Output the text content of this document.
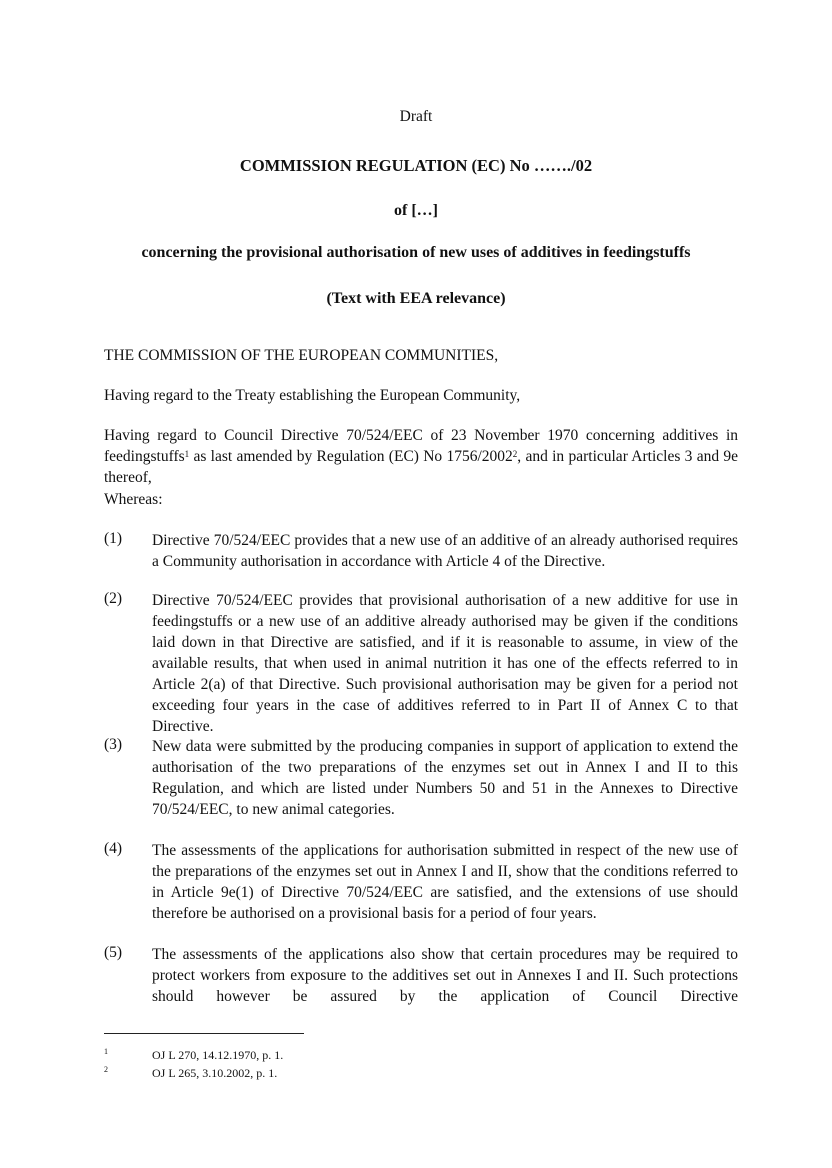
Draft
COMMISSION REGULATION (EC) No ……./02
of […]
concerning the provisional authorisation of new uses of additives in feedingstuffs
(Text with EEA relevance)
THE COMMISSION OF THE EUROPEAN COMMUNITIES,
Having regard to the Treaty establishing the European Community,
Having regard to Council Directive 70/524/EEC of 23 November 1970 concerning additives in feedingstuffs$^1$ as last amended by Regulation (EC) No 1756/2002$^2$, and in particular Articles 3 and 9e thereof,
Whereas:
(1)	Directive 70/524/EEC provides that a new use of an additive of an already authorised requires a Community authorisation in accordance with Article 4 of the Directive.
(2)	Directive 70/524/EEC provides that provisional authorisation of a new additive for use in feedingstuffs or a new use of an additive already authorised may be given if the conditions laid down in that Directive are satisfied, and if it is reasonable to assume, in view of the available results, that when used in animal nutrition it has one of the effects referred to in Article 2(a) of that Directive. Such provisional authorisation may be given for a period not exceeding four years in the case of additives referred to in Part II of Annex C to that Directive.
(3)	New data were submitted by the producing companies in support of application to extend the authorisation of the two preparations of the enzymes set out in Annex I and II to this Regulation, and which are listed under Numbers 50 and 51 in the Annexes to Directive 70/524/EEC, to new animal categories.
(4)	The assessments of the applications for authorisation submitted in respect of the new use of the preparations of the enzymes set out in Annex I and II, show that the conditions referred to in Article 9e(1) of Directive 70/524/EEC are satisfied, and the extensions of use should therefore be authorised on a provisional basis for a period of four years.
(5)	The assessments of the applications also show that certain procedures may be required to protect workers from exposure to the additives set out in Annexes I and II. Such protections should however be assured by the application of Council Directive
1	OJ L 270, 14.12.1970, p. 1.
2	OJ L 265, 3.10.2002, p. 1.
